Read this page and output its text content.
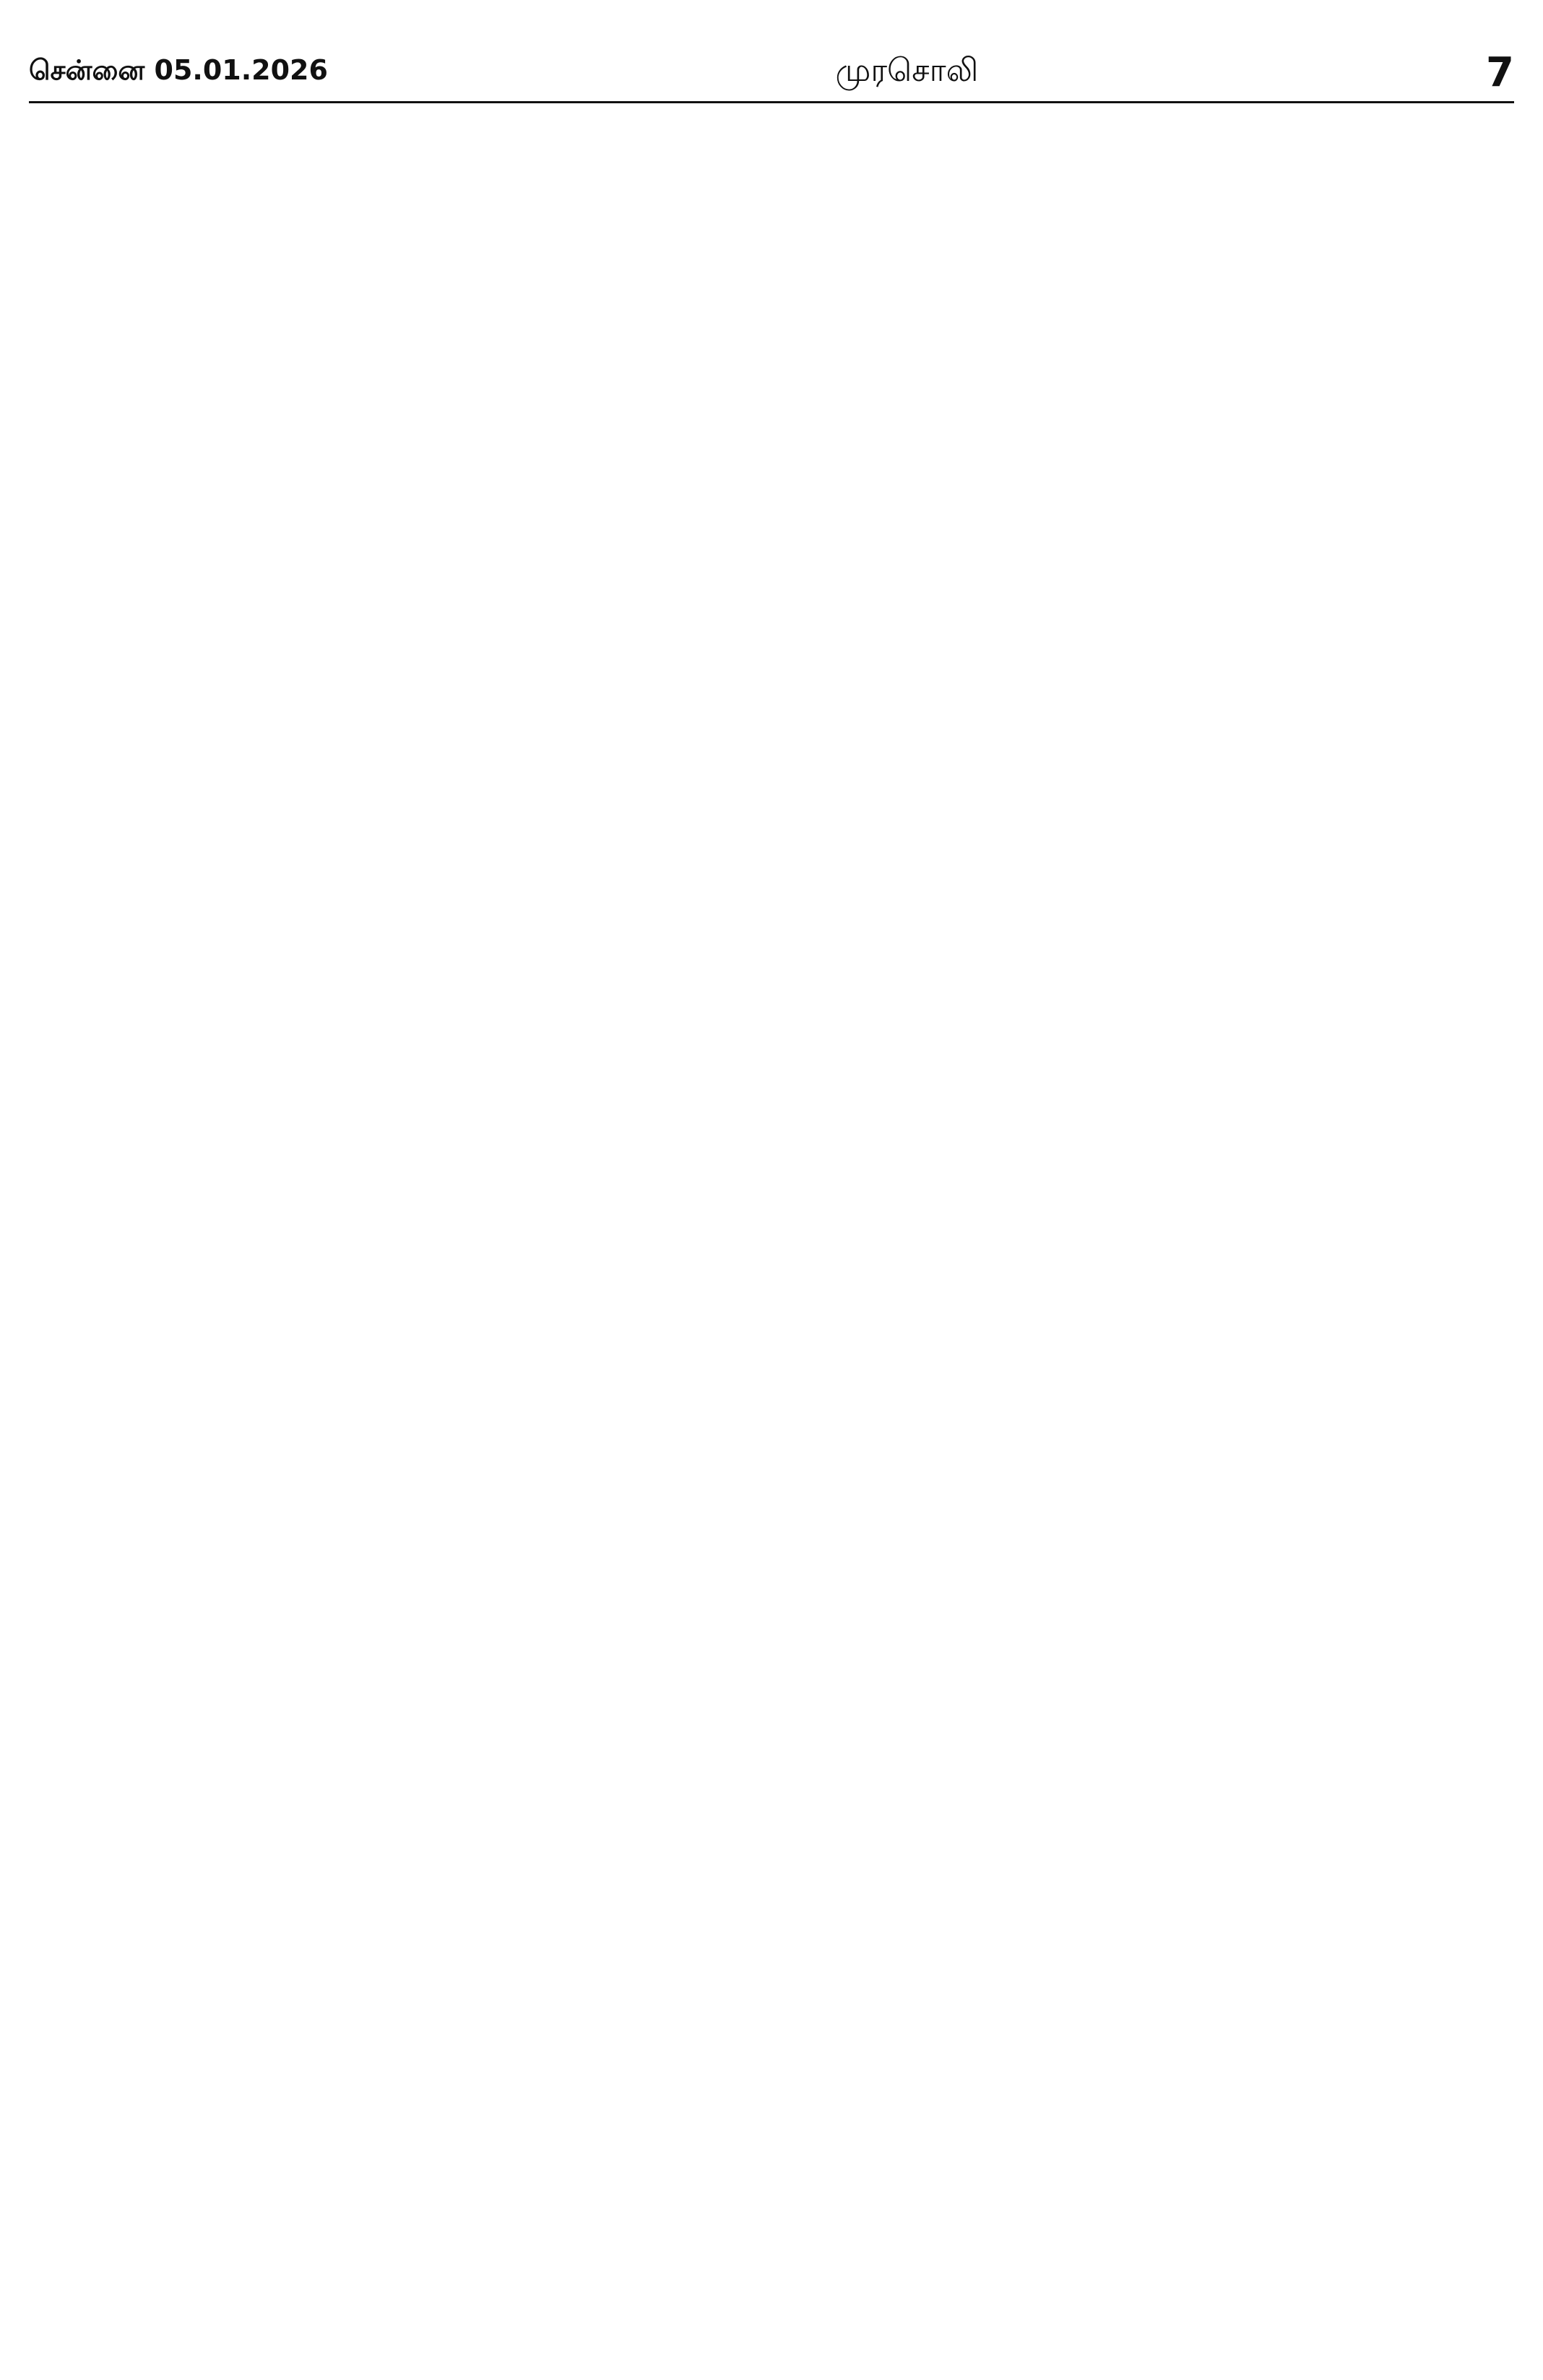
சென்னை 05.01.2026	முரசொலி	7
